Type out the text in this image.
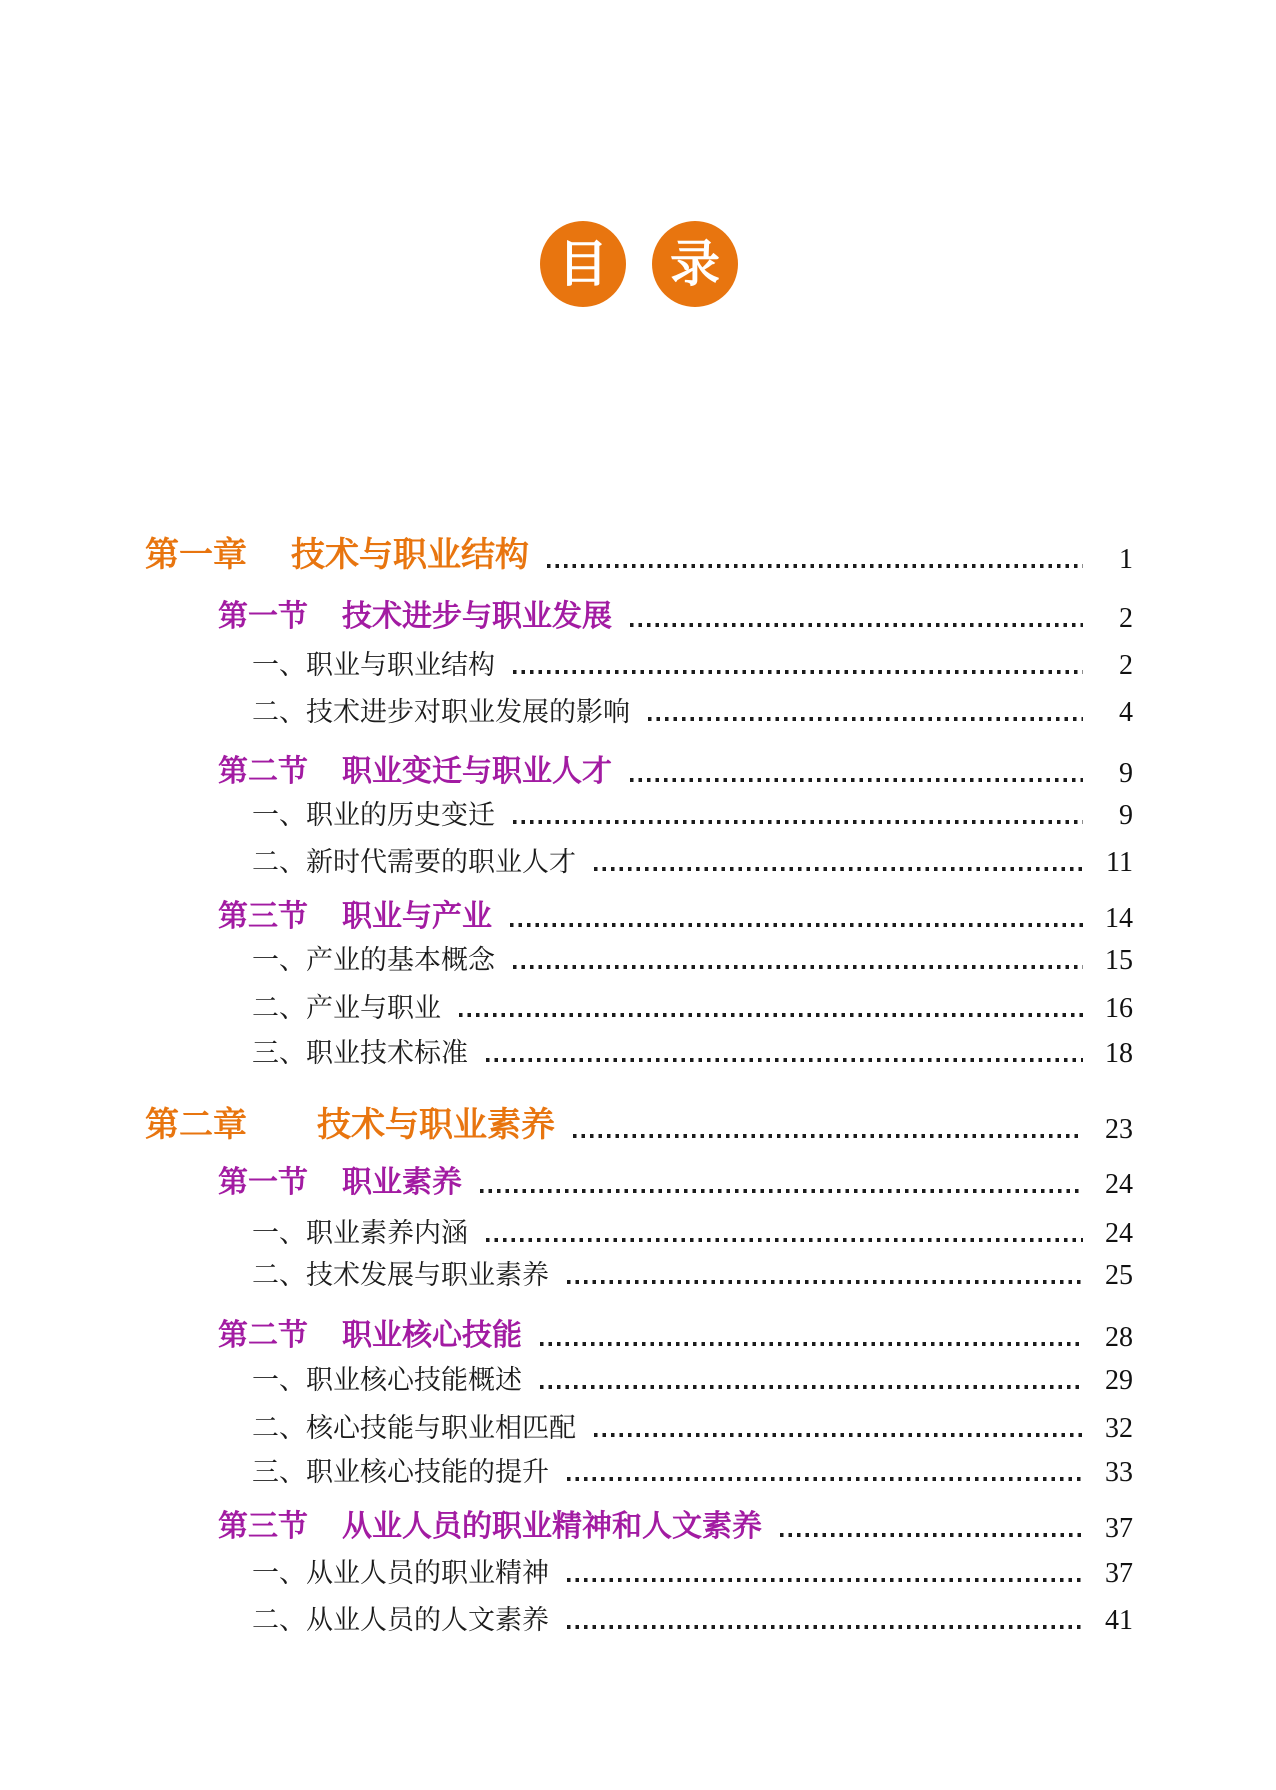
目 录
第一章 技术与职业结构	1
第一节 技术进步与职业发展	2
一、职业与职业结构	2
二、技术进步对职业发展的影响	4
第二节 职业变迁与职业人才	9
一、职业的历史变迁	9
二、新时代需要的职业人才	11
第三节 职业与产业	14
一、产业的基本概念	15
二、产业与职业	16
三、职业技术标准	18
第二章 技术与职业素养	23
第一节 职业素养	24
一、职业素养内涵	24
二、技术发展与职业素养	25
第二节 职业核心技能	28
一、职业核心技能概述	29
二、核心技能与职业相匹配	32
三、职业核心技能的提升	33
第三节 从业人员的职业精神和人文素养	37
一、从业人员的职业精神	37
二、从业人员的人文素养	41
